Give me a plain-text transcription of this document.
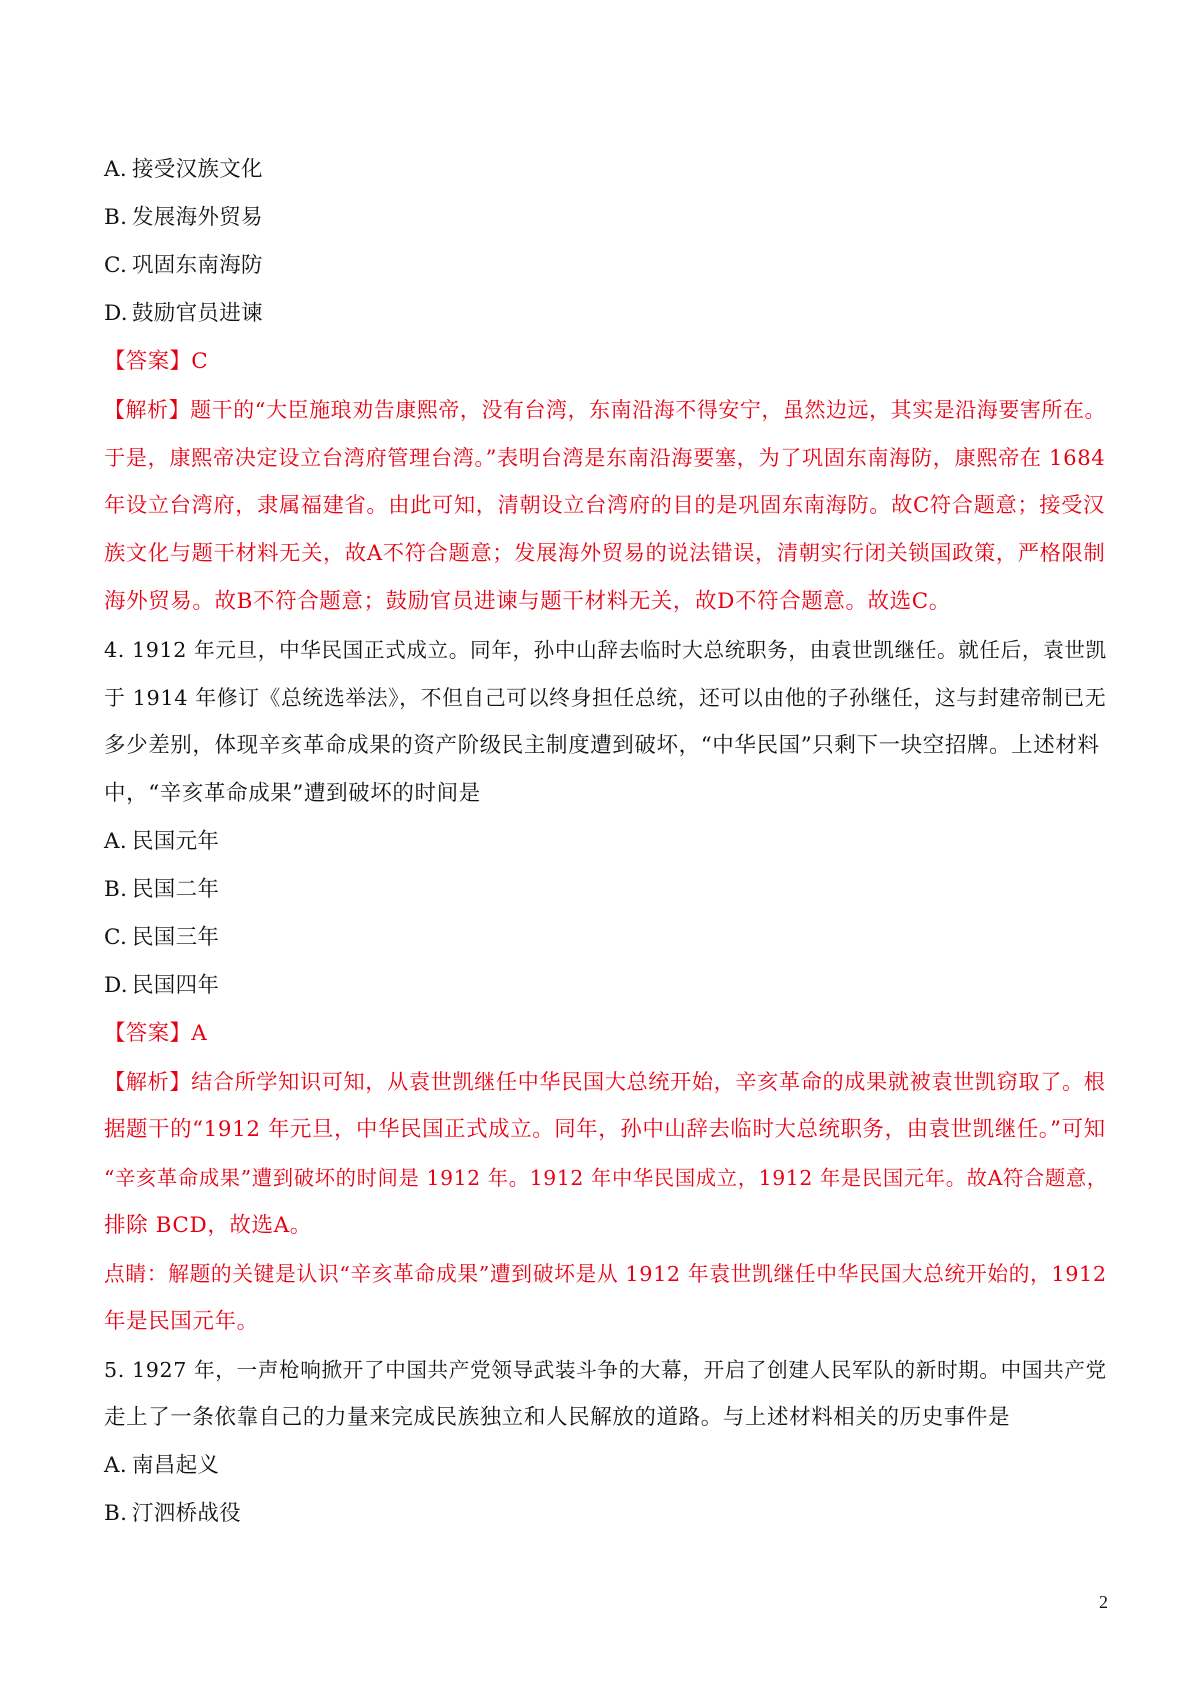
A. 接受汉族文化
B. 发展海外贸易
C. 巩固东南海防
D. 鼓励官员进谏
【答案】C
【解析】题干的“大臣施琅劝告康熙帝，没有台湾，东南沿海不得安宁，虽然边远，其实是沿海要害所在。
于是，康熙帝决定设立台湾府管理台湾。”表明台湾是东南沿海要塞，为了巩固东南海防，康熙帝在 1684
年设立台湾府，隶属福建省。由此可知，清朝设立台湾府的目的是巩固东南海防。故C符合题意；接受汉
族文化与题干材料无关，故A不符合题意；发展海外贸易的说法错误，清朝实行闭关锁国政策，严格限制
海外贸易。故B不符合题意；鼓励官员进谏与题干材料无关，故D不符合题意。故选C。
4. 1912 年元旦，中华民国正式成立。同年，孙中山辞去临时大总统职务，由袁世凯继任。就任后，袁世凯
于 1914 年修订《总统选举法》，不但自己可以终身担任总统，还可以由他的子孙继任，这与封建帝制已无
多少差别，体现辛亥革命成果的资产阶级民主制度遭到破坏，“中华民国”只剩下一块空招牌。上述材料
中，“辛亥革命成果”遭到破坏的时间是
A. 民国元年
B. 民国二年
C. 民国三年
D. 民国四年
【答案】A
【解析】结合所学知识可知，从袁世凯继任中华民国大总统开始，辛亥革命的成果就被袁世凯窃取了。根
据题干的“1912 年元旦，中华民国正式成立。同年，孙中山辞去临时大总统职务，由袁世凯继任。”可知
“辛亥革命成果”遭到破坏的时间是 1912 年。1912 年中华民国成立，1912 年是民国元年。故A符合题意，
排除 BCD，故选A。
点睛：解题的关键是认识“辛亥革命成果”遭到破坏是从 1912 年袁世凯继任中华民国大总统开始的，1912
年是民国元年。
5. 1927 年，一声枪响掀开了中国共产党领导武装斗争的大幕，开启了创建人民军队的新时期。中国共产党
走上了一条依靠自己的力量来完成民族独立和人民解放的道路。与上述材料相关的历史事件是
A. 南昌起义
B. 汀泗桥战役
2
